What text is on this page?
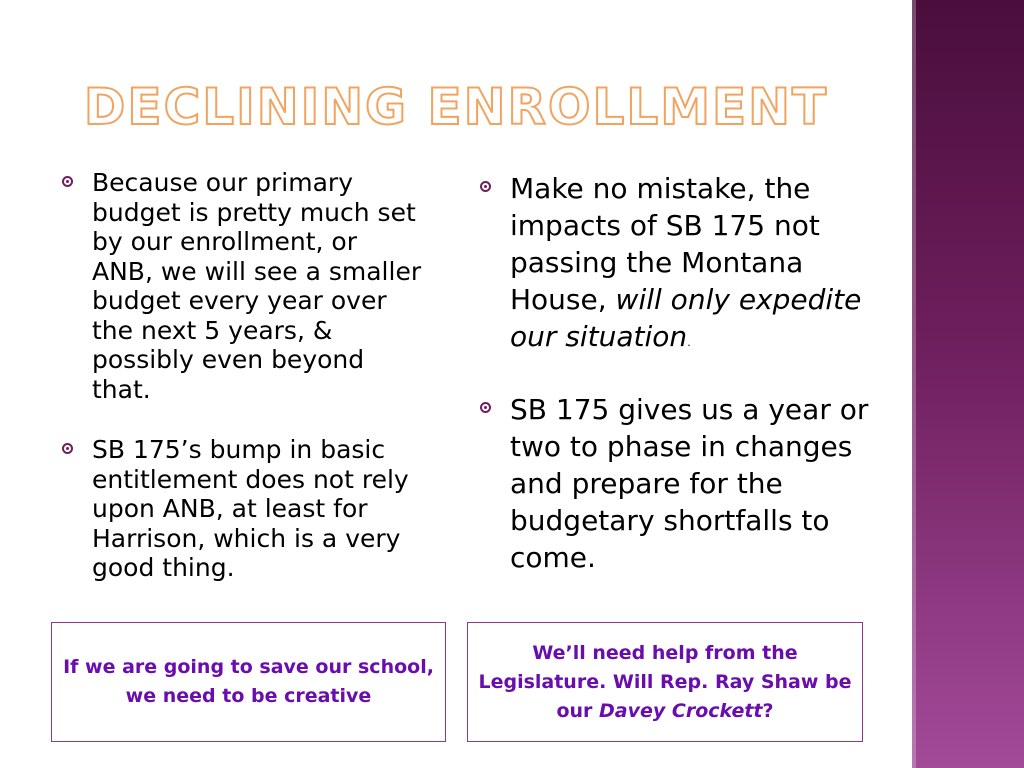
DECLINING ENROLLMENT
Because our primary budget is pretty much set by our enrollment, or ANB, we will see a smaller budget every year over the next 5 years, & possibly even beyond that.
SB 175’s bump in basic entitlement does not rely upon ANB, at least for Harrison, which is a very good thing.
Make no mistake, the impacts of SB 175 not passing the Montana House, will only expedite our situation.
SB 175 gives us a year or two to phase in changes and prepare for the budgetary shortfalls to come.
If we are going to save our school, we need to be creative
We’ll need help from the Legislature. Will Rep. Ray Shaw be our Davey Crockett?
